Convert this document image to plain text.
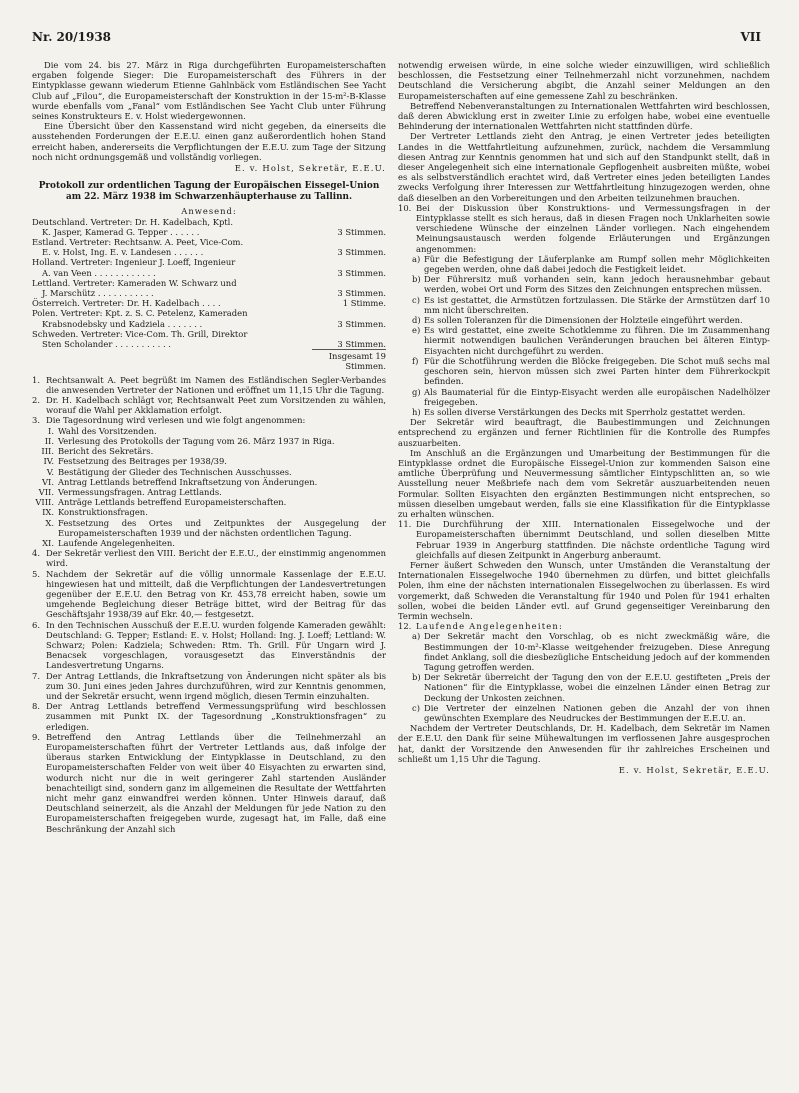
Nr. 20/1938	VII

Die vom 24. bis 27. März in Riga durchgeführten Europameisterschaften ergaben folgende Sieger: Die Europameisterschaft des Führers in der Eintypklasse gewann wiederum Etienne Gahlnbäck vom Estländischen See Yacht Club auf „Filou“, die Europameisterschaft der Konstruktion in der 15-m²-B-Klasse wurde ebenfalls vom „Fanal“ vom Estländischen See Yacht Club unter Führung seines Konstrukteurs E. v. Holst wiedergewonnen.

Eine Übersicht über den Kassenstand wird nicht gegeben, da einerseits die ausstehenden Forderungen der E.E.U. einen ganz außerordentlich hohen Stand erreicht haben, andererseits die Verpflichtungen der E.E.U. zum Tage der Sitzung noch nicht ordnungsgemäß und vollständig vorliegen.

E. v. Holst, Sekretär, E.E.U.

Protokoll zur ordentlichen Tagung der Europäischen Eissegel-Union am 22. März 1938 im Schwarzenhäupterhause zu Tallinn.

Anwesend:

Deutschland. Vertreter: Dr. H. Kadelbach, Kptl.
K. Jasper, Kamerad G. Tepper . . . . . .	3 Stimmen.
Estland. Vertreter: Rechtsanw. A. Peet, Vice-Com.
E. v. Holst, Ing. E. v. Landesen . . . . . .	3 Stimmen.
Holland. Vertreter: Ingenieur J. Loeff, Ingenieur
A. van Veen . . . . . . . . . . . .	3 Stimmen.
Lettland. Vertreter: Kameraden W. Schwarz und
J. Marschütz . . . . . . . . . . .	3 Stimmen.
Österreich. Vertreter: Dr. H. Kadelbach . . . .	1 Stimme.
Polen. Vertreter: Kpt. z. S. C. Petelenz, Kameraden
Krabsnodebsky und Kadziela . . . . . . .	3 Stimmen.
Schweden. Vertreter: Vice-Com. Th. Grill, Direktor
Sten Scholander . . . . . . . . . . .	3 Stimmen.
Insgesamt 19 Stimmen.
1. Rechtsanwalt A. Peet begrüßt im Namen des Estländischen Segler-Verbandes die anwesenden Vertreter der Nationen und eröffnet um 11,15 Uhr die Tagung.
2. Dr. H. Kadelbach schlägt vor, Rechtsanwalt Peet zum Vorsitzenden zu wählen, worauf die Wahl per Akklamation erfolgt.
3. Die Tagesordnung wird verlesen und wie folgt angenommen:
I. Wahl des Vorsitzenden.
II. Verlesung des Protokolls der Tagung vom 26. März 1937 in Riga.
III. Bericht des Sekretärs.
IV. Festsetzung des Beitrages per 1938/39.
V. Bestätigung der Glieder des Technischen Ausschusses.
VI. Antrag Lettlands betreffend Inkraftsetzung von Änderungen.
VII. Vermessungsfragen. Antrag Lettlands.
VIII. Anträge Lettlands betreffend Europameisterschaften.
IX. Konstruktionsfragen.
X. Festsetzung des Ortes und Zeitpunktes der Ausgegelung der Europameisterschaften 1939 und der nächsten ordentlichen Tagung.
XI. Laufende Angelegenheiten.
4. Der Sekretär verliest den VIII. Bericht der E.E.U., der einstimmig angenommen wird.
5. Nachdem der Sekretär auf die völlig unnormale Kassenlage der E.E.U. hingewiesen hat und mitteilt, daß die Verpflichtungen der Landesvertretungen gegenüber der E.E.U. den Betrag von Kr. 453,78 erreicht haben, sowie um umgehende Begleichung dieser Beträge bittet, wird der Beitrag für das Geschäftsjahr 1938/39 auf Ekr. 40,— festgesetzt.
6. In den Technischen Ausschuß der E.E.U. wurden folgende Kameraden gewählt: Deutschland: G. Tepper; Estland: E. v. Holst; Holland: Ing. J. Loeff; Lettland: W. Schwarz; Polen: Kadziela; Schweden: Rtm. Th. Grill. Für Ungarn wird J. Benacsek vorgeschlagen, vorausgesetzt das Einverständnis der Landesvertretung Ungarns.
7. Der Antrag Lettlands, die Inkraftsetzung von Änderungen nicht später als bis zum 30. Juni eines jeden Jahres durchzuführen, wird zur Kenntnis genommen, und der Sekretär ersucht, wenn irgend möglich, diesen Termin einzuhalten.
8. Der Antrag Lettlands betreffend Vermessungsprüfung wird beschlossen zusammen mit Punkt IX. der Tagesordnung „Konstruktionsfragen“ zu erledigen.
9. Betreffend den Antrag Lettlands über die Teilnehmerzahl an Europameisterschaften führt der Vertreter Lettlands aus, daß infolge der überaus starken Entwicklung der Eintypklasse in Deutschland, zu den Europameisterschaften Felder von weit über 40 Eisyachten zu erwarten sind, wodurch nicht nur die in weit geringerer Zahl startenden Ausländer benachteiligt sind, sondern ganz im allgemeinen die Resultate der Wettfahrten nicht mehr ganz einwandfrei werden können. Unter Hinweis darauf, daß Deutschland seinerzeit, als die Anzahl der Meldungen für jede Nation zu den Europameisterschaften freigegeben wurde, zugesagt hat, im Falle, daß eine Beschränkung der Anzahl sich

notwendig erweisen würde, in eine solche wieder einzuwilligen, wird schließlich beschlossen, die Festsetzung einer Teilnehmerzahl nicht vorzunehmen, nachdem Deutschland die Versicherung abgibt, die Anzahl seiner Meldungen an den Europameisterschaften auf eine gemessene Zahl zu beschränken.

Betreffend Nebenveranstaltungen zu Internationalen Wettfahrten wird beschlossen, daß deren Abwicklung erst in zweiter Linie zu erfolgen habe, wobei eine eventuelle Behinderung der internationalen Wettfahrten nicht stattfinden dürfe.

Der Vertreter Lettlands zieht den Antrag, je einen Vertreter jedes beteiligten Landes in die Wettfahrtleitung aufzunehmen, zurück, nachdem die Versammlung diesen Antrag zur Kenntnis genommen hat und sich auf den Standpunkt stellt, daß in dieser Angelegenheit sich eine internationale Gepflogenheit ausbreiten müßte, wobei es als selbstverständlich erachtet wird, daß Vertreter eines jeden beteiligten Landes zwecks Verfolgung ihrer Interessen zur Wettfahrtleitung hinzugezogen werden, ohne daß dieselben an den Vorbereitungen und den Arbeiten teilzunehmen brauchen.

10. Bei der Diskussion über Konstruktions- und Vermessungsfragen in der Eintypklasse stellt es sich heraus, daß in diesen Fragen noch Unklarheiten sowie verschiedene Wünsche der einzelnen Länder vorliegen. Nach eingehendem Meinungsaustausch werden folgende Erläuterungen und Ergänzungen angenommen:
a) Für die Befestigung der Läuferplanke am Rumpf sollen mehr Möglichkeiten gegeben werden, ohne daß dabei jedoch die Festigkeit leidet.
b) Der Führersitz muß vorhanden sein, kann jedoch herausnehmbar gebaut werden, wobei Ort und Form des Sitzes den Zeichnungen entsprechen müssen.
c) Es ist gestattet, die Armstützen fortzulassen. Die Stärke der Armstützen darf 10 mm nicht überschreiten.
d) Es sollen Toleranzen für die Dimensionen der Holzteile eingeführt werden.
e) Es wird gestattet, eine zweite Schotklemme zu führen. Die im Zusammenhang hiermit notwendigen baulichen Veränderungen brauchen bei älteren Eintyp-Eisyachten nicht durchgeführt zu werden.
f) Für die Schotführung werden die Blöcke freigegeben. Die Schot muß sechs mal geschoren sein, hiervon müssen sich zwei Parten hinter dem Führerkockpit befinden.
g) Als Baumaterial für die Eintyp-Eisyacht werden alle europäischen Nadelhölzer freigegeben.
h) Es sollen diverse Verstärkungen des Decks mit Sperrholz gestattet werden.

Der Sekretär wird beauftragt, die Baubestimmungen und Zeichnungen entsprechend zu ergänzen und ferner Richtlinien für die Kontrolle des Rumpfes auszuarbeiten.

Im Anschluß an die Ergänzungen und Umarbeitung der Bestimmungen für die Eintypklasse ordnet die Europäische Eissegel-Union zur kommenden Saison eine amtliche Überprüfung und Neuvermessung sämtlicher Eintypschlitten an, so wie Ausstellung neuer Meßbriefe nach dem vom Sekretär auszuarbeitenden neuen Formular. Sollten Eisyachten den ergänzten Bestimmungen nicht entsprechen, so müssen dieselben umgebaut werden, falls sie eine Klassifikation für die Eintypklasse zu erhalten wünschen.

11. Die Durchführung der XIII. Internationalen Eissegelwoche und der Europameisterschaften übernimmt Deutschland, und sollen dieselben Mitte Februar 1939 in Angerburg stattfinden. Die nächste ordentliche Tagung wird gleichfalls auf diesen Zeitpunkt in Angerburg anberaumt.

Ferner äußert Schweden den Wunsch, unter Umständen die Veranstaltung der Internationalen Eissegelwoche 1940 übernehmen zu dürfen, und bittet gleichfalls Polen, ihm eine der nächsten internationalen Eissegelwochen zu überlassen. Es wird vorgemerkt, daß Schweden die Veranstaltung für 1940 und Polen für 1941 erhalten sollen, wobei die beiden Länder evtl. auf Grund gegenseitiger Vereinbarung den Termin wechseln.

12. Laufende Angelegenheiten:
a) Der Sekretär macht den Vorschlag, ob es nicht zweckmäßig wäre, die Bestimmungen der 10-m²-Klasse weitgehender freizugeben. Diese Anregung findet Anklang, soll die diesbezügliche Entscheidung jedoch auf der kommenden Tagung getroffen werden.
b) Der Sekretär überreicht der Tagung den von der E.E.U. gestifteten „Preis der Nationen“ für die Eintypklasse, wobei die einzelnen Länder einen Betrag zur Deckung der Unkosten zeichnen.
c) Die Vertreter der einzelnen Nationen geben die Anzahl der von ihnen gewünschten Exemplare des Neudruckes der Bestimmungen der E.E.U. an.

Nachdem der Vertreter Deutschlands, Dr. H. Kadelbach, dem Sekretär im Namen der E.E.U. den Dank für seine Mühewaltungen im verflossenen Jahre ausgesprochen hat, dankt der Vorsitzende den Anwesenden für ihr zahlreiches Erscheinen und schließt um 1,15 Uhr die Tagung.

E. v. Holst, Sekretär, E.E.U.
